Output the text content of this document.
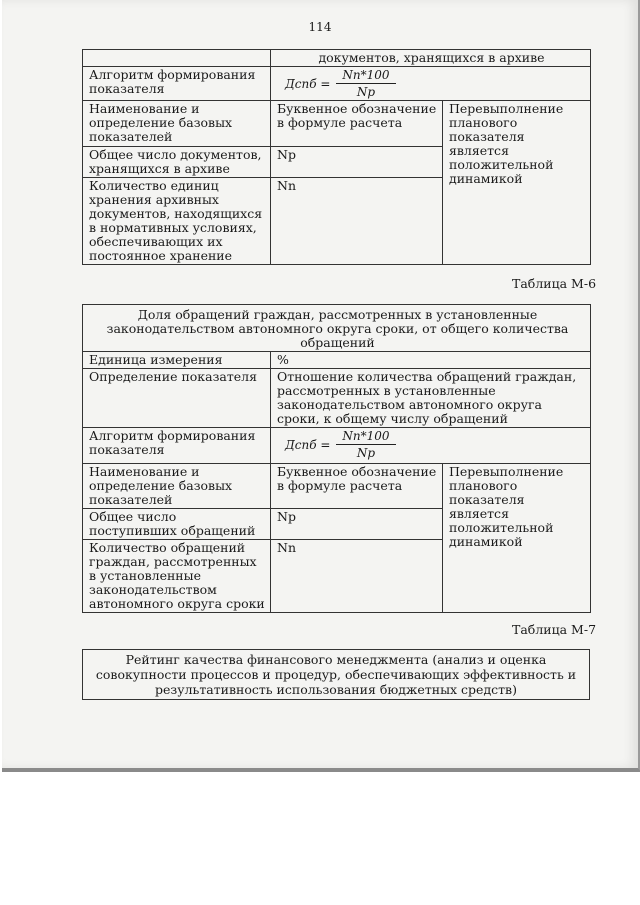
114
	документов, хранящихся в архиве	
Алгоритм формирования показателя	Дспб = $\frac{Nn*100}{Np}$

Наименование и определение базовых показателей	Буквенное обозначение в формуле расчета	Перевыполнение планового показателя является положительной динамикой
Общее число документов, хранящихся в архиве	Np	
Количество единиц хранения архивных документов, находящихся в нормативных условиях, обеспечивающих их постоянное хранение	Nn	
Таблица М-6
Доля обращений граждан, рассмотренных в установленные законодательством автономного округа сроки, от общего количества обращений		
Единица измерения	%	
Определение показателя	Отношение количества обращений граждан, рассмотренных в установленные законодательством автономного округа сроки, к общему числу обращений	
Алгоритм формирования показателя	Дспб = $\frac{Nn*100}{Np}$

Наименование и определение базовых показателей	Буквенное обозначение в формуле расчета	Перевыполнение планового показателя является положительной динамикой
Общее число поступивших обращений	Np	
Количество обращений граждан, рассмотренных в установленные законодательством автономного округа сроки	Nn	
Таблица М-7
Рейтинг качества финансового менеджмента (анализ и оценка совокупности процессов и процедур, обеспечивающих эффективность и результативность использования бюджетных средств)
